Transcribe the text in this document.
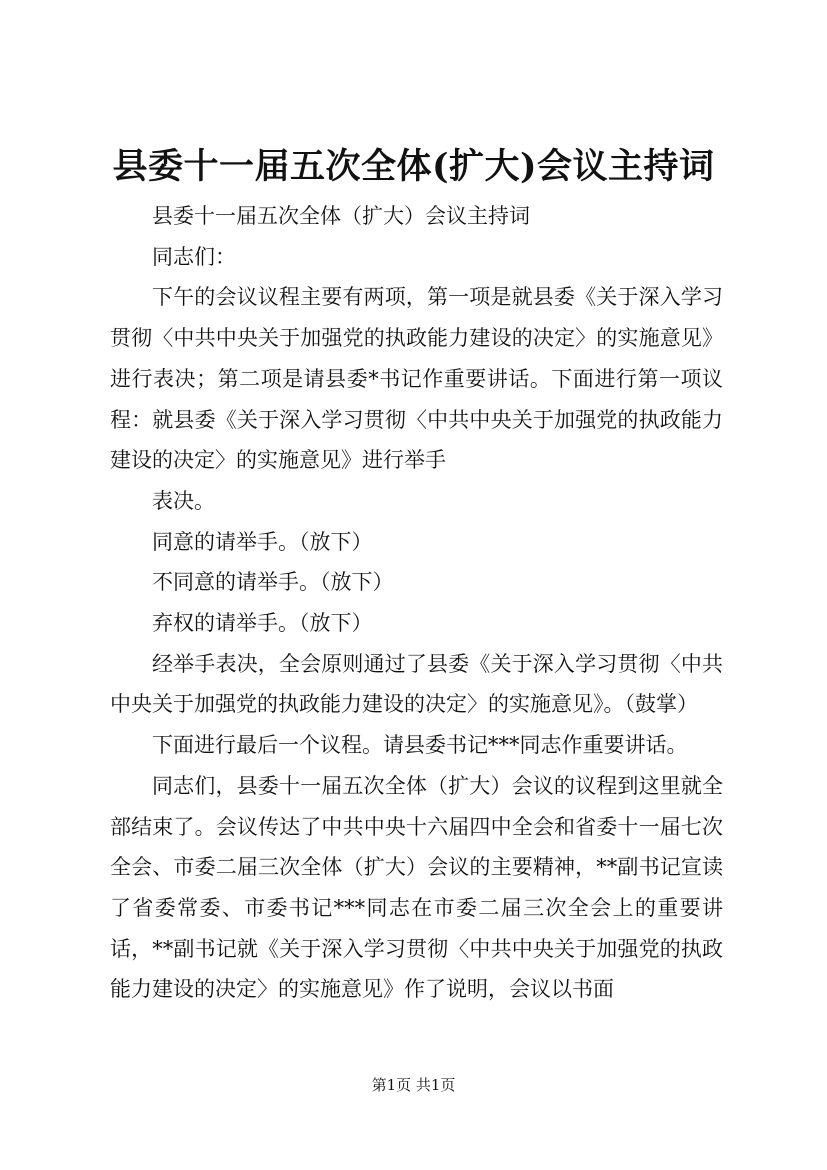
县委十一届五次全体(扩大)会议主持词

县委十一届五次全体（扩大）会议主持词

同志们：

下午的会议议程主要有两项，第一项是就县委《关于深入学习贯彻〈中共中央关于加强党的执政能力建设的决定〉的实施意见》进行表决；第二项是请县委*书记作重要讲话。下面进行第一项议程：就县委《关于深入学习贯彻〈中共中央关于加强党的执政能力建设的决定〉的实施意见》进行举手

表决。

同意的请举手。（放下）

不同意的请举手。（放下）

弃权的请举手。（放下）

经举手表决，全会原则通过了县委《关于深入学习贯彻〈中共中央关于加强党的执政能力建设的决定〉的实施意见》。（鼓掌）

下面进行最后一个议程。请县委书记***同志作重要讲话。

同志们，县委十一届五次全体（扩大）会议的议程到这里就全部结束了。会议传达了中共中央十六届四中全会和省委十一届七次全会、市委二届三次全体（扩大）会议的主要精神，**副书记宣读了省委常委、市委书记***同志在市委二届三次全会上的重要讲话，**副书记就《关于深入学习贯彻〈中共中央关于加强党的执政能力建设的决定〉的实施意见》作了说明，会议以书面

第1页 共1页
